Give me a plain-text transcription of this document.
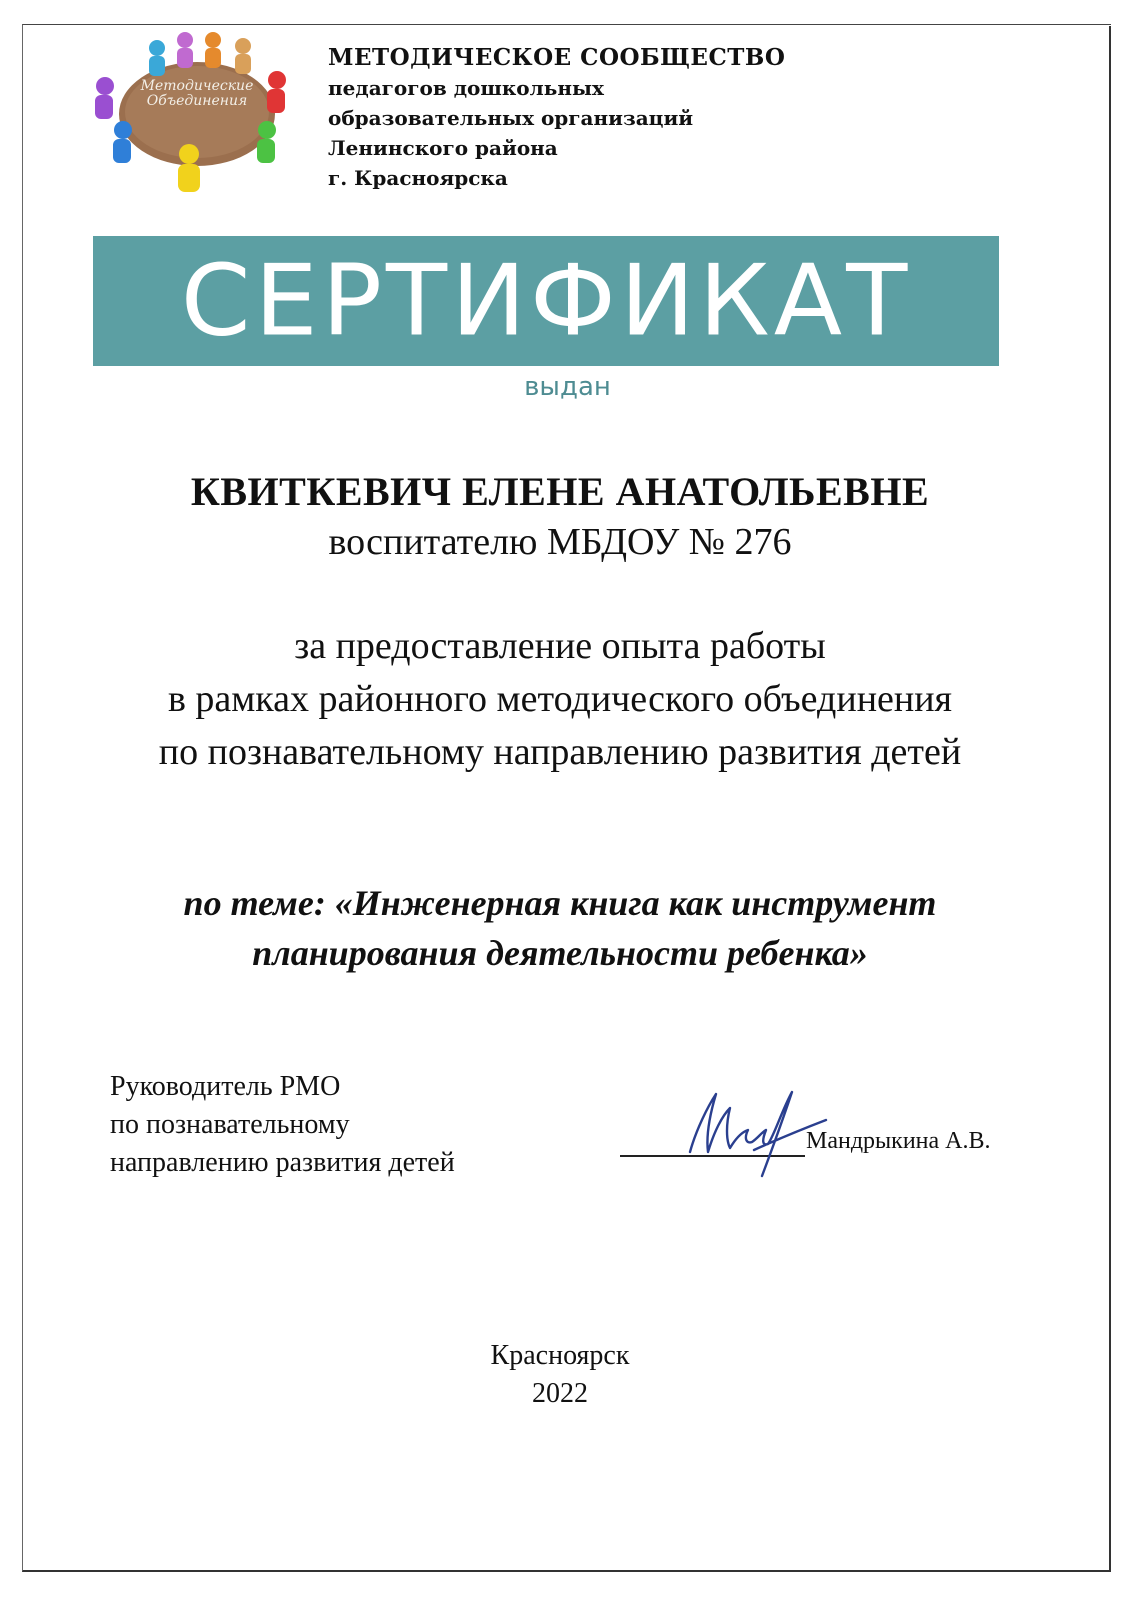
Методические
Объединения
МЕТОДИЧЕСКОЕ СООБЩЕСТВО
педагогов дошкольных
образовательных организаций
Ленинского района
г. Красноярска
СЕРТИФИКАТ
выдан
КВИТКЕВИЧ ЕЛЕНЕ АНАТОЛЬЕВНЕ
воспитателю МБДОУ № 276
за предоставление опыта работы
в рамках районного методического объединения
по познавательному направлению развития детей
по теме: «Инженерная книга как инструмент
планирования деятельности ребенка»
Руководитель РМО
по познавательному
направлению развития детей
Мандрыкина А.В.
Красноярск
2022
